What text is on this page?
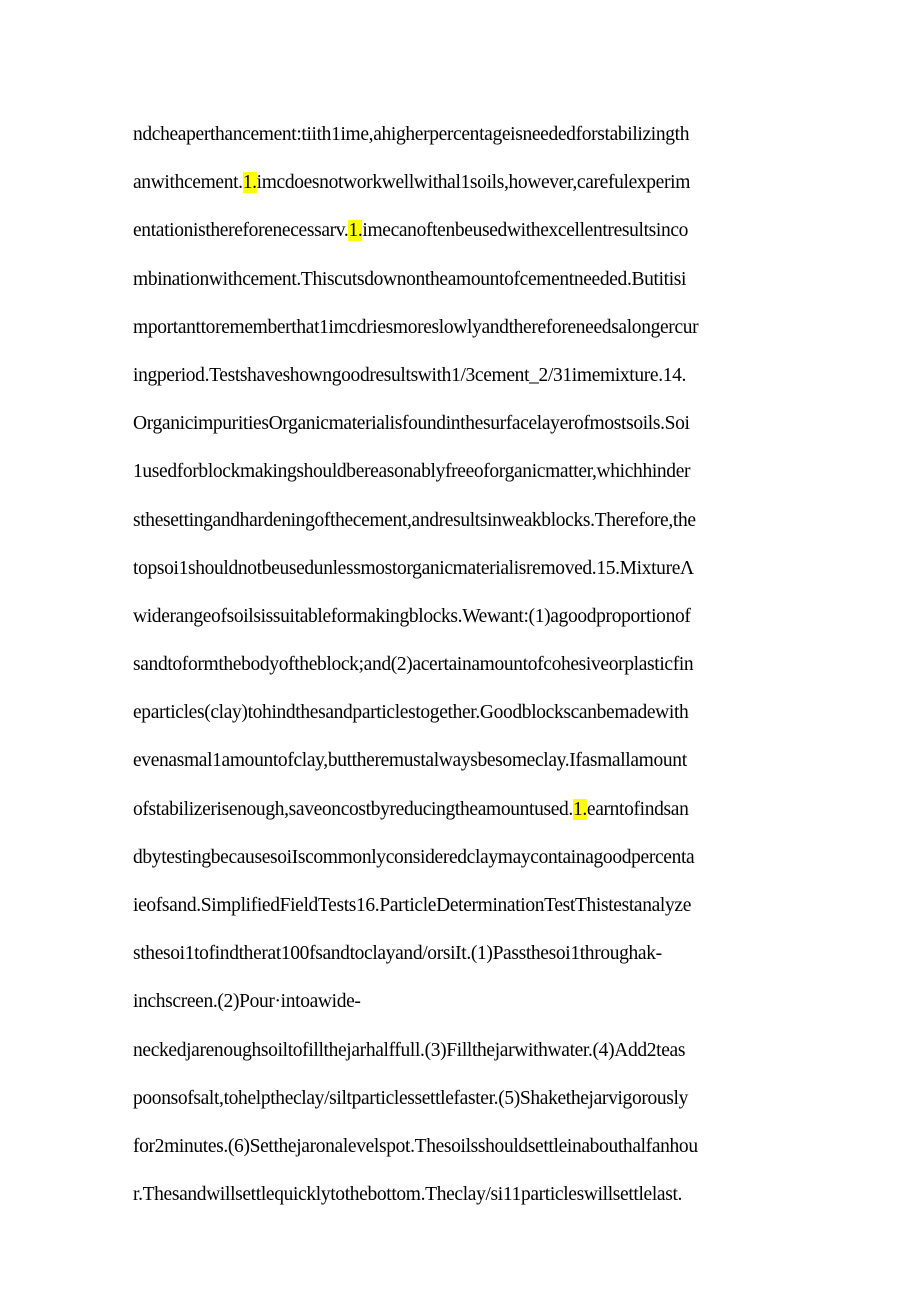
ndcheaperthancement:tiith1ime,ahigherpercentageisneededforstabilizingth
anwithcement.1.imcdoesnotworkwellwithal1soils,however,carefulexperim
entationisthereforenecessarv.1.imecanoftenbeusedwithexcellentresultsinco
mbinationwithcement.Thiscutsdownontheamountofcementneeded.Butitisi
mportanttorememberthat1imcdriesmoreslowlyandthereforeneedsalongercur
ingperiod.Testshaveshowngoodresultswith1/3cement_2/31imemixture.14.
OrganicimpuritiesOrganicmaterialisfoundinthesurfacelayerofmostsoils.Soi
1usedforblockmakingshouldbereasonablyfreeoforganicmatter,whichhinder
sthesettingandhardeningofthecement,andresultsinweakblocks.Therefore,the
topsoi1shouldnotbeusedunlessmostorganicmaterialisremoved.15.MixtureΛ
widerangeofsoilsissuitableformakingblocks.Wewant:(1)agoodproportionof
sandtoformthebodyoftheblock;and(2)acertainamountofcohesiveorplasticfin
eparticles(clay)tohindthesandparticlestogether.Goodblockscanbemadewith
evenasmal1amountofclay,buttheremustalwaysbesomeclay.Ifasmallamount
ofstabilizerisenough,saveoncostbyreducingtheamountused.1.earntofindsan
dbytestingbecausesoiIscommonlyconsideredclaymaycontainagoodpercenta
ieofsand.SimplifiedFieldTests16.ParticleDeterminationTestThistestanalyze
sthesoi1tofindtherat100fsandtoclayand/orsiIt.(1)Passthesoi1throughak-
inchscreen.(2)Pour·intoawide-
neckedjarenoughsoiltofillthejarhalffull.(3)Fillthejarwithwater.(4)Add2teas
poonsofsalt,tohelptheclay/siltparticlessettlefaster.(5)Shakethejarvigorously
for2minutes.(6)Setthejaronalevelspot.Thesoilsshouldsettleinabouthalfanhou
r.Thesandwillsettlequicklytothebottom.Theclay/si11particleswillsettlelast.
